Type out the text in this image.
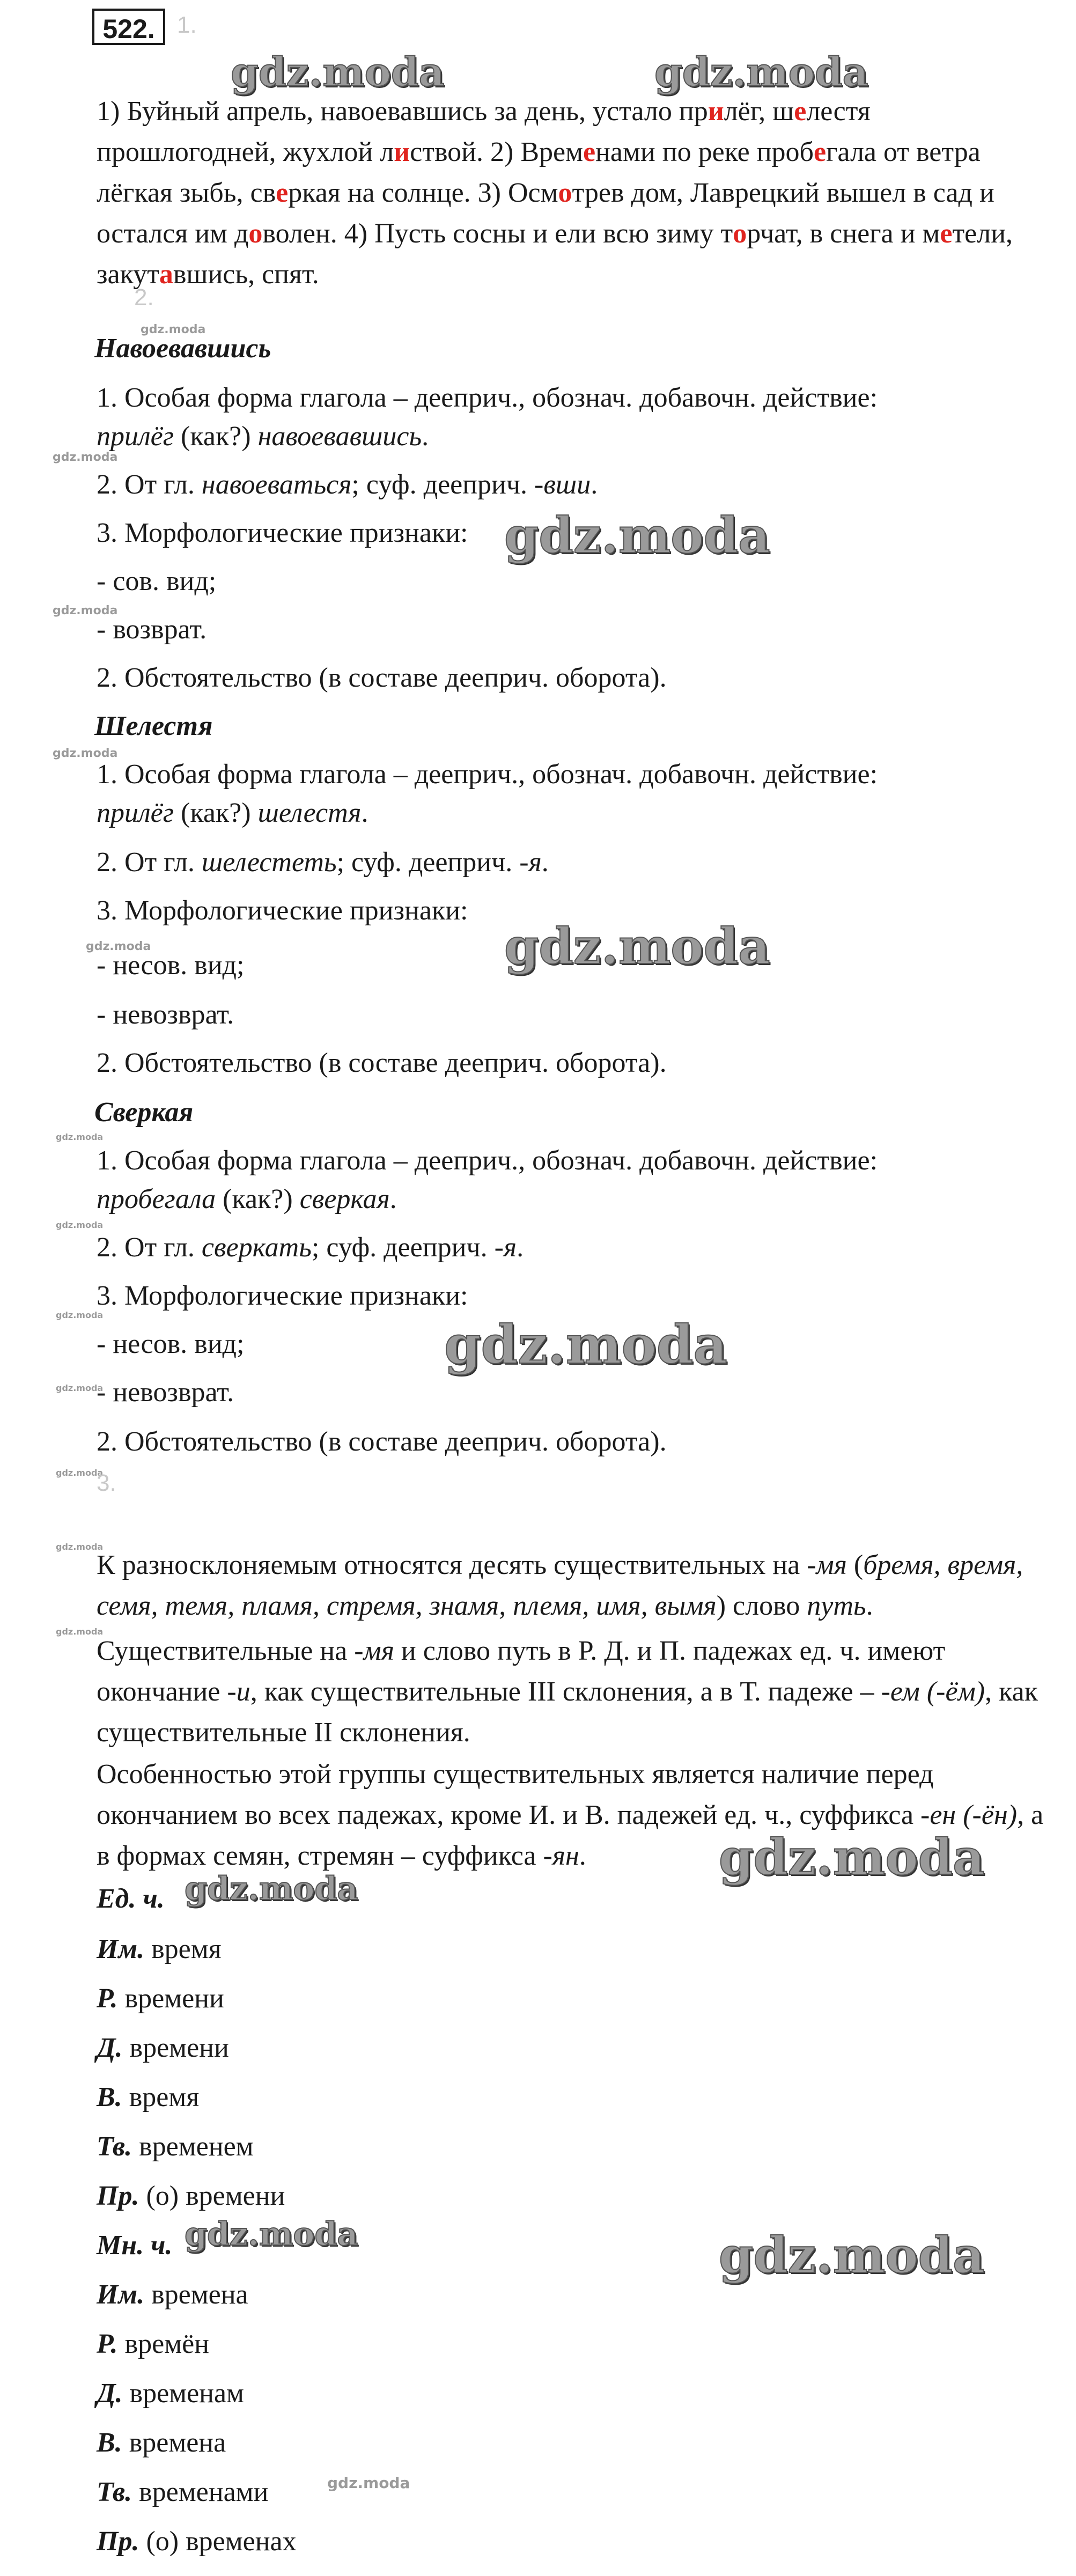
522. 1.
gdz.moda	gdz.moda
1) Буйный апрель, навоевавшись за день, устало прилёг, шелестя прошлогодней, жухлой листвой. 2) Временами по реке пробегала от ветра лёгкая зыбь, сверкая на солнце. 3) Осмотрев дом, Лаврецкий вышел в сад и остался им доволен. 4) Пусть сосны и ели всю зиму торчат, в снега и метели, закутавшись, спят.
2.
gdz.moda
Навоевавшись
1. Особая форма глагола – дееприч., обознач. добавочн. действие:
прилёг (как?) навоевавшись.
gdz.moda
2. От гл. навоеваться; суф. дееприч. -вши.
3. Морфологические признаки: gdz.moda
- сов. вид;
gdz.moda
- возврат.
2. Обстоятельство (в составе дееприч. оборота).
Шелестя
gdz.moda
1. Особая форма глагола – дееприч., обознач. добавочн. действие:
прилёг (как?) шелестя.
2. От гл. шелестеть; суф. дееприч. -я.
3. Морфологические признаки:
gdz.moda
gdz.moda
- несов. вид;
- невозврат.
2. Обстоятельство (в составе дееприч. оборота).
Сверкая
gdz.moda
1. Особая форма глагола – дееприч., обознач. добавочн. действие:
пробегала (как?) сверкая.
gdz.moda
2. От гл. сверкать; суф. дееприч. -я.
gdz.moda
3. Морфологические признаки:
- несов. вид;	gdz.moda
gdz.moda
- невозврат.
gdz.moda
2. Обстоятельство (в составе дееприч. оборота).
3.
gdz.moda
К разносклоняемым относятся десять существительных на -мя (бремя, время, семя, темя, пламя, стремя, знамя, племя, имя, вымя) слово путь.
gdz.moda
Существительные на -мя и слово путь в Р. Д. и П. падежах ед. ч. имеют окончание -и, как существительные III склонения, а в Т. падеже – -ем (-ём), как существительные II склонения.
Особенностью этой группы существительных является наличие перед окончанием во всех падежах, кроме И. и В. падежей ед. ч., суффикса -ен (-ён), а в формах семян, стремян – суффикса -ян.	gdz.moda
Ед. ч. gdz.moda
Им. время
Р. времени
Д. времени
В. время
Тв. временем
Пр. (о) времени
Мн. ч. gdz.moda	gdz.moda
Им. времена
Р. времён
Д. временам
В. времена
Тв. временами	gdz.moda
Пр. (о) временах
